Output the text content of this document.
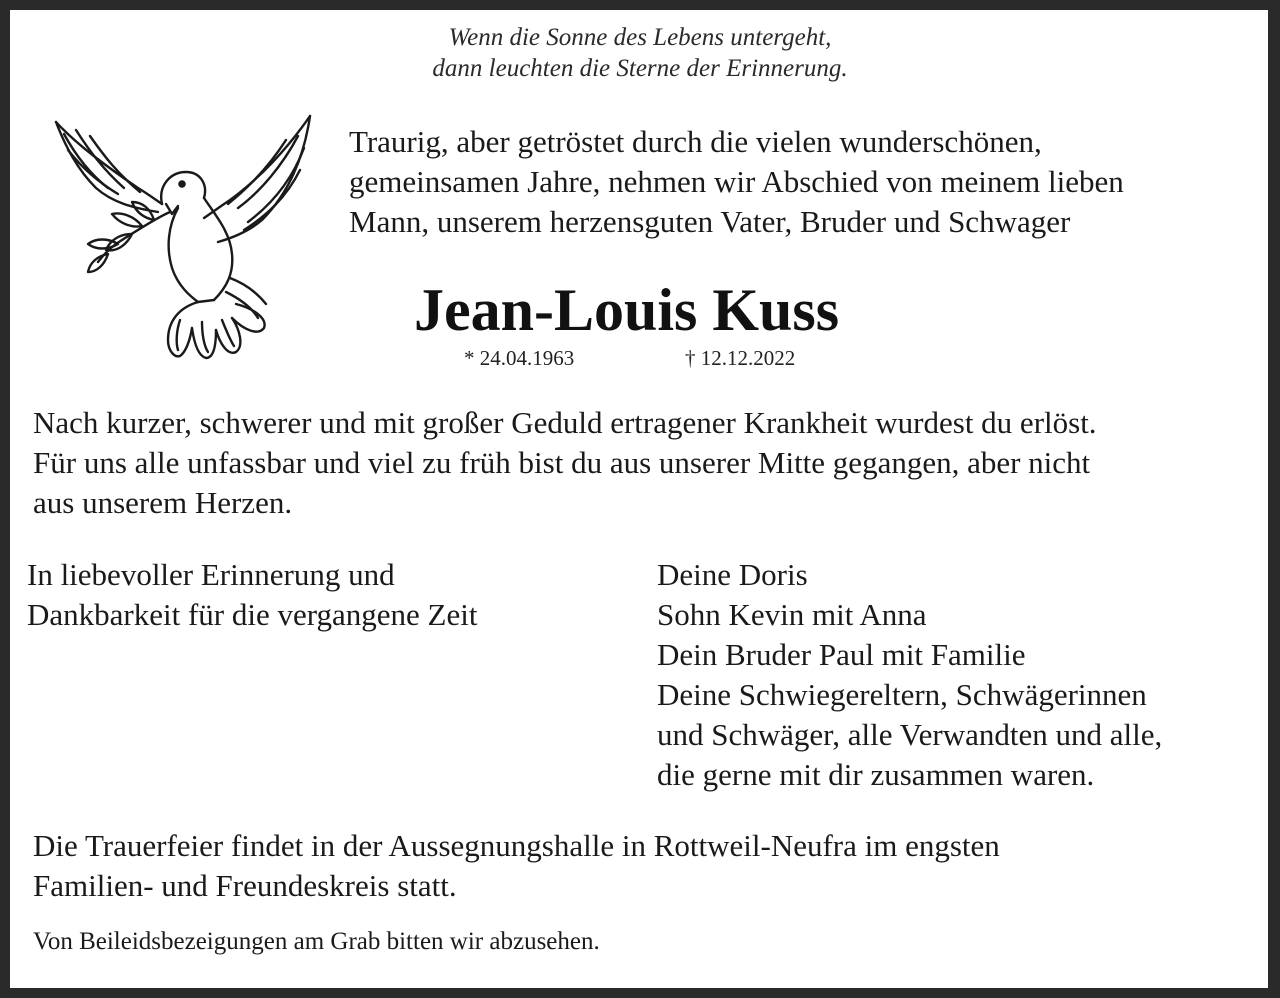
Wenn die Sonne des Lebens untergeht,
dann leuchten die Sterne der Erinnerung.
Traurig, aber getröstet durch die vielen wunderschönen,
gemeinsamen Jahre, nehmen wir Abschied von meinem lieben
Mann, unserem herzensguten Vater, Bruder und Schwager
Jean-Louis Kuss
* 24.04.1963	† 12.12.2022
Nach kurzer, schwerer und mit großer Geduld ertragener Krankheit wurdest du erlöst.
Für uns alle unfassbar und viel zu früh bist du aus unserer Mitte gegangen, aber nicht
aus unserem Herzen.
In liebevoller Erinnerung und
Dankbarkeit für die vergangene Zeit
Deine Doris
Sohn Kevin mit Anna
Dein Bruder Paul mit Familie
Deine Schwiegereltern, Schwägerinnen
und Schwäger, alle Verwandten und alle,
die gerne mit dir zusammen waren.
Die Trauerfeier findet in der Aussegnungshalle in Rottweil-Neufra im engsten
Familien- und Freundeskreis statt.
Von Beileidsbezeigungen am Grab bitten wir abzusehen.
